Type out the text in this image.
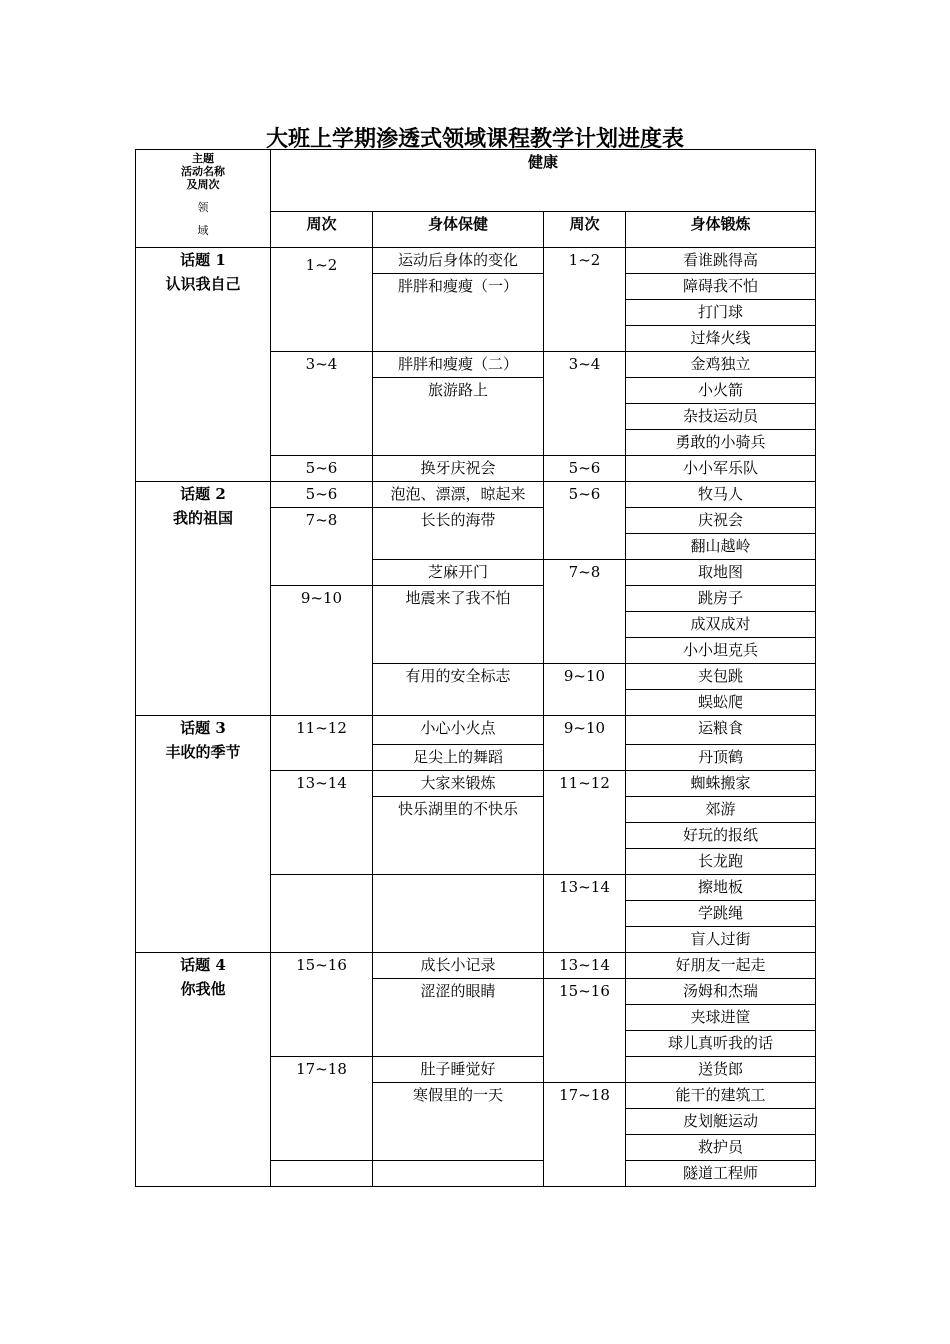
大班上学期渗透式领域课程教学计划进度表
主题
活动名称
及周次
领
域	健康			
	周次	身体保健	周次	身体锻炼

话题 1
认识我自己	1~2	运动后身体的变化	1~2	看谁跳得高
		胖胖和瘦瘦（一）		障碍我不怕
				打门球
				过烽火线
	3~4	胖胖和瘦瘦（二）	3~4	金鸡独立
		旅游路上		小火箭
				杂技运动员
				勇敢的小骑兵
	5~6	换牙庆祝会	5~6	小小军乐队

话题 2
我的祖国	5~6	泡泡、漂漂，晾起来	5~6	牧马人
	7~8	长长的海带		庆祝会
				翻山越岭
		芝麻开门	7~8	取地图
	9~10	地震来了我不怕		跳房子
				成双成对
				小小坦克兵
		有用的安全标志	9~10	夹包跳
				蜈蚣爬

话题 3
丰收的季节	11~12	小心小火点	9~10	运粮食
		足尖上的舞蹈		丹顶鹤
	13~14	大家来锻炼	11~12	蜘蛛搬家
		快乐湖里的不快乐		郊游
				好玩的报纸
				长龙跑
			13~14	擦地板
				学跳绳
				盲人过街

话题 4
你我他	15~16	成长小记录	13~14	好朋友一起走
		涩涩的眼睛	15~16	汤姆和杰瑞
				夹球进筐
				球儿真听我的话
	17~18	肚子睡觉好		送货郎
		寒假里的一天	17~18	能干的建筑工
				皮划艇运动
				救护员
				隧道工程师
